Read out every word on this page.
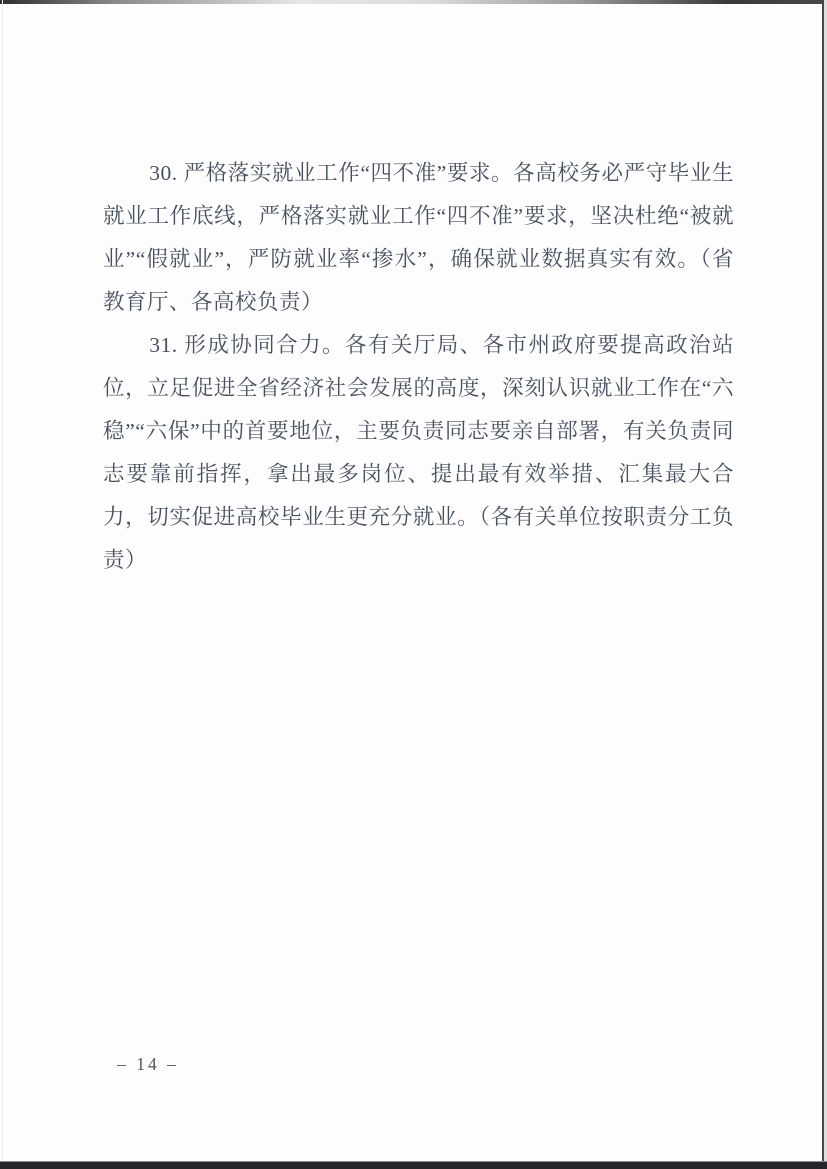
30. 严格落实就业工作“四不准”要求。各高校务必严守毕业生就业工作底线，严格落实就业工作“四不准”要求，坚决杜绝“被就业”“假就业”，严防就业率“掺水”，确保就业数据真实有效。（省教育厅、各高校负责）

31. 形成协同合力。各有关厅局、各市州政府要提高政治站位，立足促进全省经济社会发展的高度，深刻认识就业工作在“六稳”“六保”中的首要地位，主要负责同志要亲自部署，有关负责同志要靠前指挥，拿出最多岗位、提出最有效举措、汇集最大合力，切实促进高校毕业生更充分就业。（各有关单位按职责分工负责）

– 14 –
